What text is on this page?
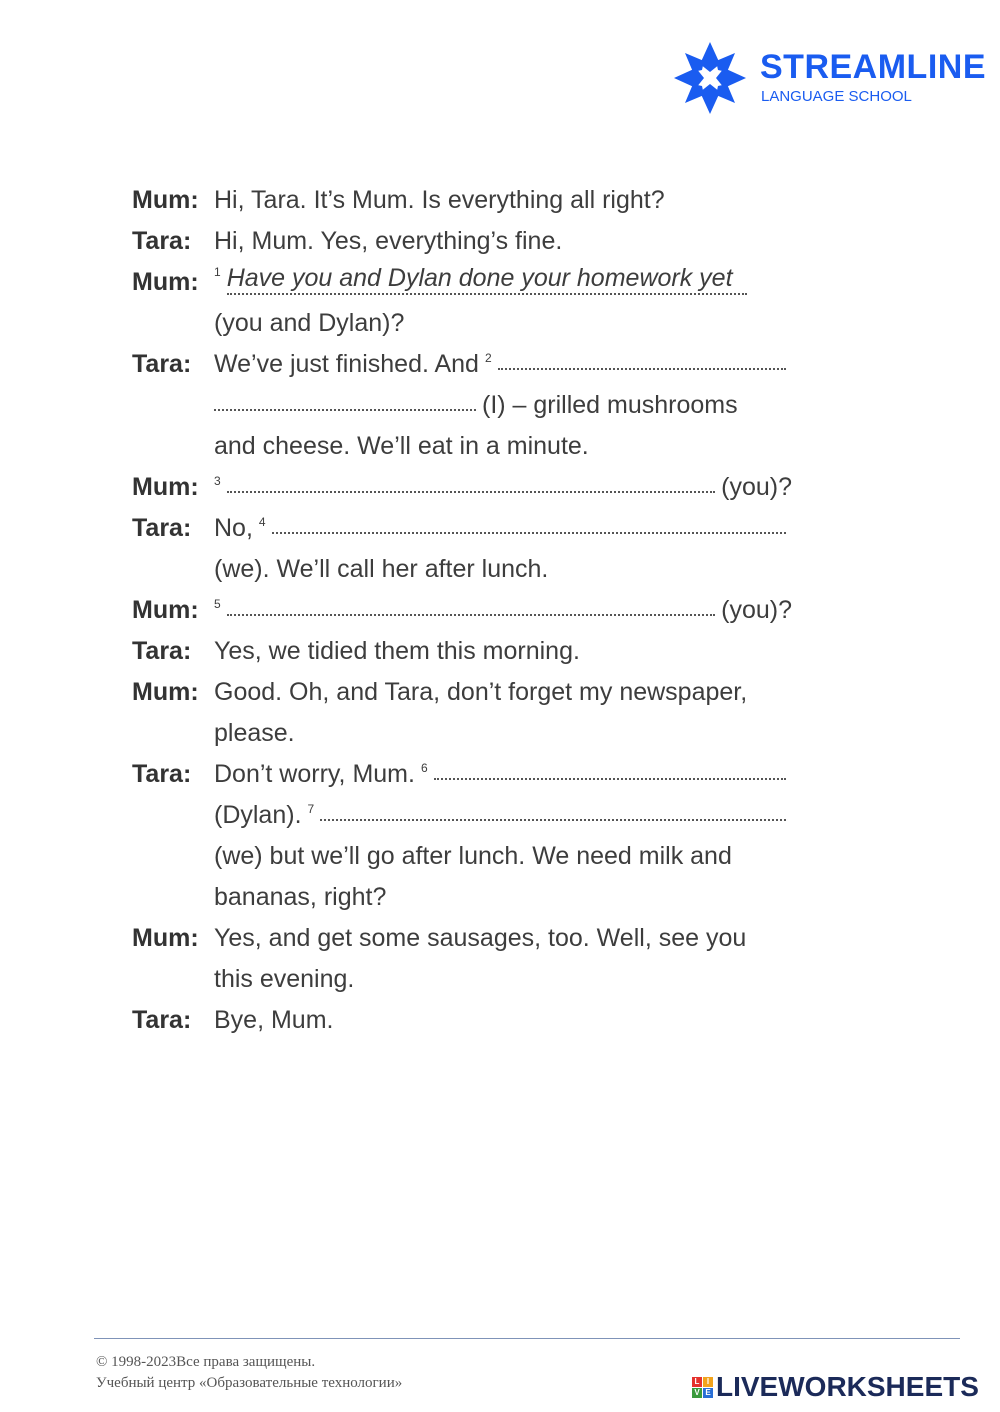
STREAMLINE
LANGUAGE SCHOOL
Mum: Hi, Tara. It’s Mum. Is everything all right?
Tara: Hi, Mum. Yes, everything’s fine.
Mum:	$^1$ Have you and Dylan done your homework yet
(you and Dylan)?
Tara: We’ve just finished. And $^2$
(I) – grilled mushrooms
and cheese. We’ll eat in a minute.
Mum:	$^3$	(you)?
Tara: No, $^4$
(we). We’ll call her after lunch.
Mum:	$^5$	(you)?
Tara: Yes, we tidied them this morning.
Mum: Good. Oh, and Tara, don’t forget my newspaper,
please.
Tara: Don’t worry, Mum. $^6$
(Dylan). $^7$
(we) but we’ll go after lunch. We need milk and
bananas, right?
Mum: Yes, and get some sausages, too. Well, see you
this evening.
Tara: Bye, Mum.
© 1998-2023Все права защищены.
Учебный центр «Образовательные технологии»	L I
V E LIVEWORKSHEETS
